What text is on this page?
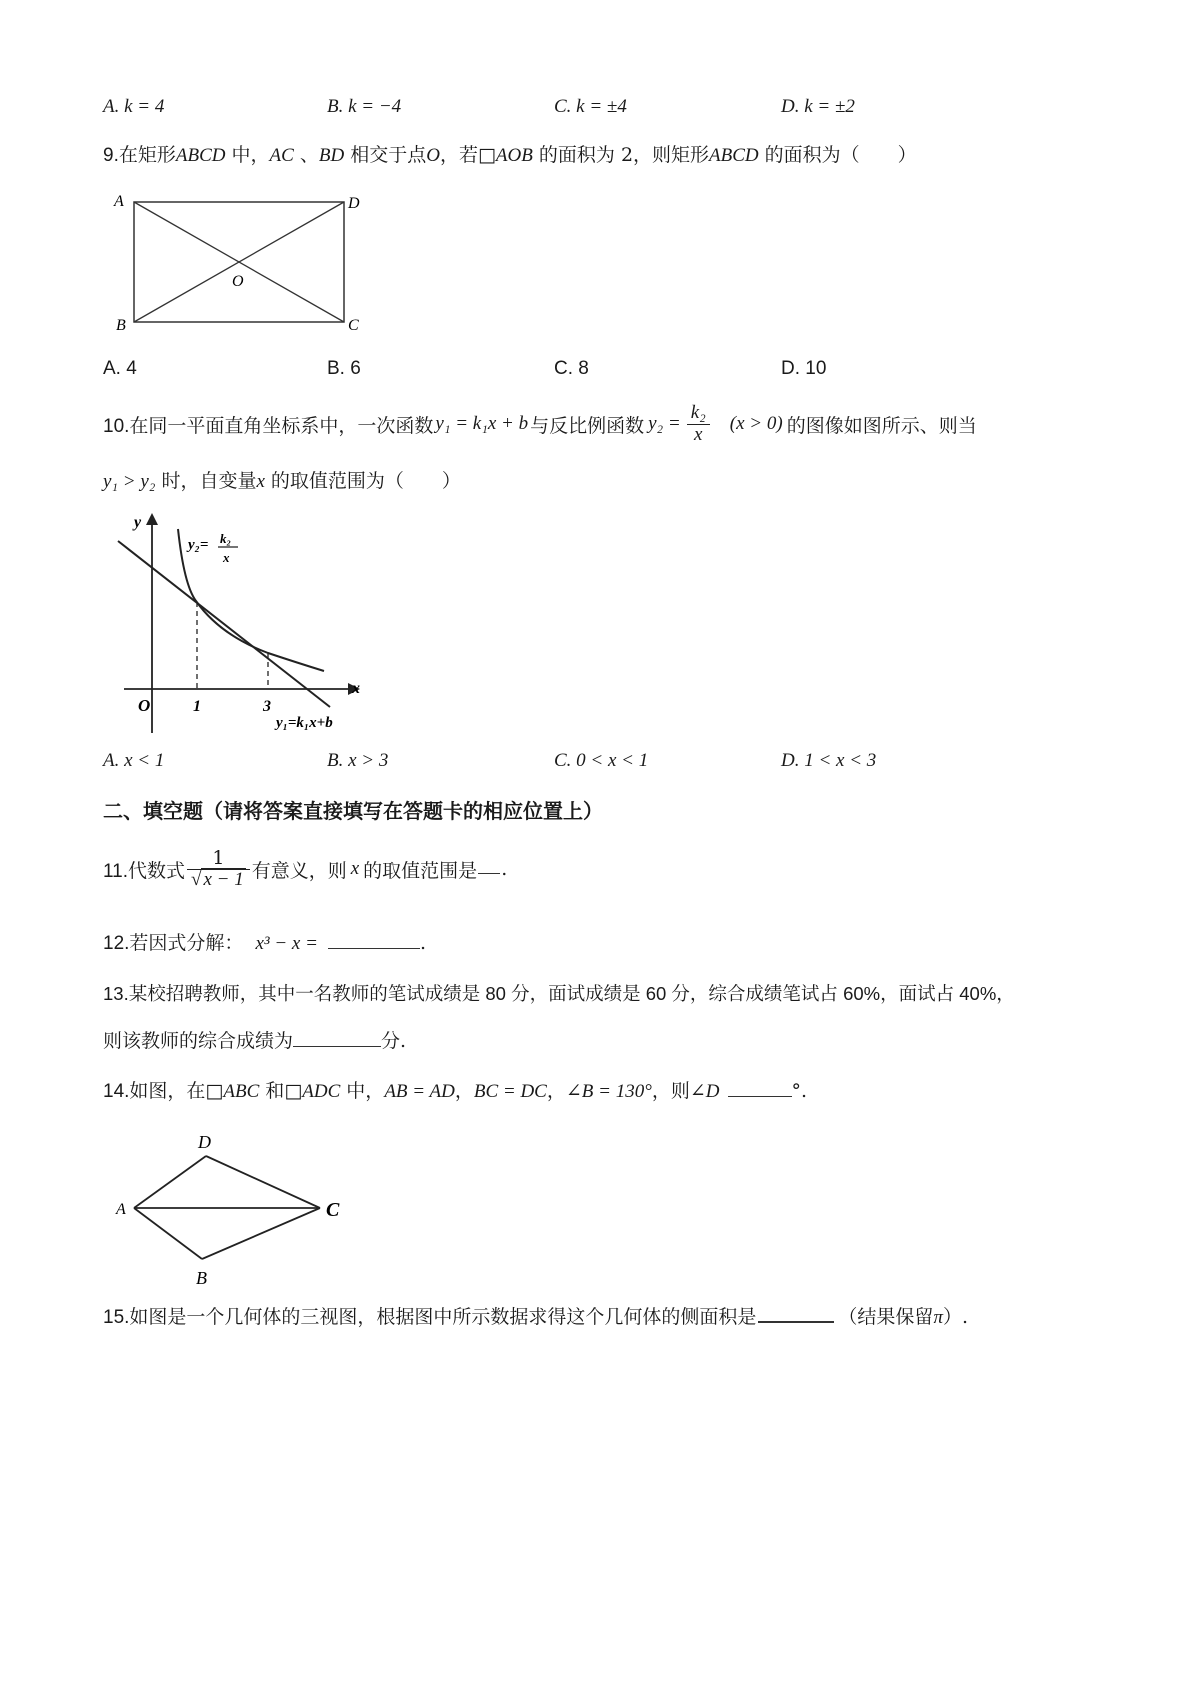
A. k = 4	B. k = −4	C. k = ±4	D. k = ±2
9.在矩形ABCD 中，AC 、BD 相交于点O，若□AOB 的面积为 2，则矩形ABCD 的面积为（　　）
A	D
O
B	C
A. 4	B. 6	C. 8	D. 10
10.在同一平面直角坐标系中，一次函数 y₁ = k₁x + b 与反比例函数 $y_2 = \frac{\text{k₂}}{x} (x > 0)$ 的图像如图所示、则当
y₁ > y₂ 时，自变量x 的取值范围为（　　）
y
x
O	1	3
y₂= k₂
x
y₁=k₁x+b
A. x < 1	B. x > 3	C. 0 < x < 1	D. 1 < x < 3
二、填空题（请将答案直接填写在答题卡的相应位置上）
11.代数式 $\frac{1}{√ x - 1}$ 有意义，则 x 的取值范围是 .
12.若因式分解： x³ − x =	.
13.某校招聘教师，其中一名教师的笔试成绩是 80 分，面试成绩是 60 分，综合成绩笔试占 60%，面试占 40%，
则该教师的综合成绩为	分.
14.如图，在□ABC 和□ADC 中，AB = AD，BC = DC，∠B = 130°，则∠D	°.
D
A	C
B
15.如图是一个几何体的三视图，根据图中所示数据求得这个几何体的侧面积是	（结果保留π）.
